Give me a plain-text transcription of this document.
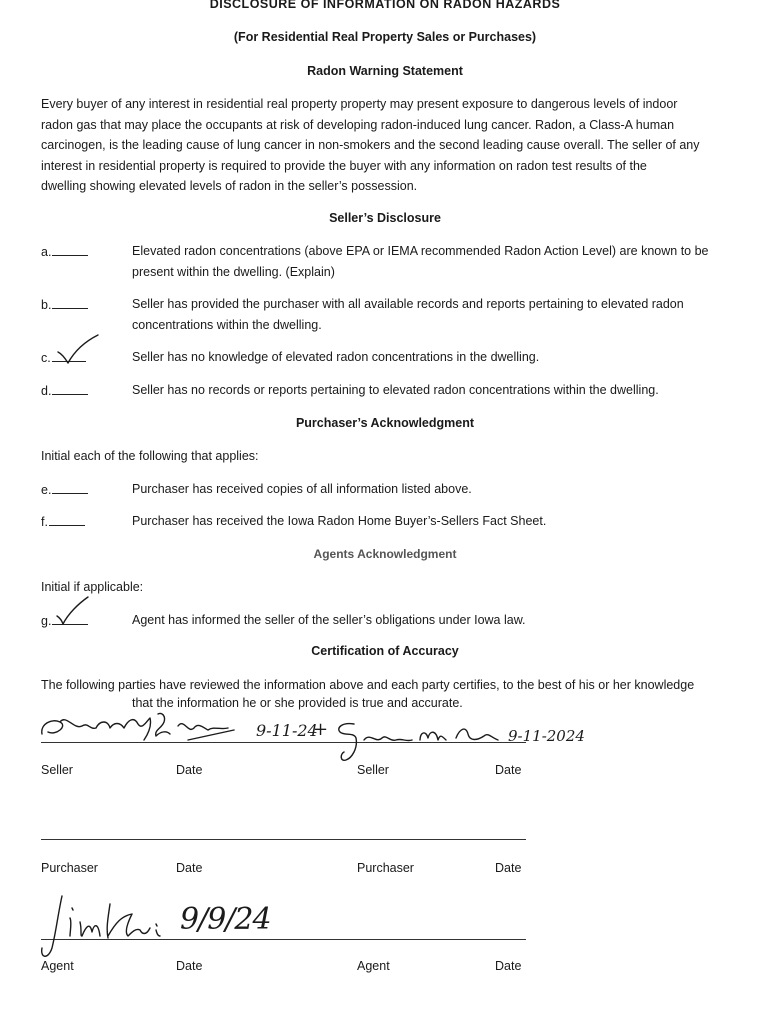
DISCLOSURE OF INFORMATION ON RADON HAZARDS
(For Residential Real Property Sales or Purchases)
Radon Warning Statement
Every buyer of any interest in residential real property property may present exposure to dangerous levels of indoor
radon gas that may place the occupants at risk of developing radon-induced lung cancer. Radon, a Class-A human
carcinogen, is the leading cause of lung cancer in non-smokers and the second leading cause overall. The seller of any
interest in residential property is required to provide the buyer with any information on radon test results of the
dwelling showing elevated levels of radon in the seller’s possession.
Seller’s Disclosure
a.	Elevated radon concentrations (above EPA or IEMA recommended Radon Action Level) are known to be
present within the dwelling. (Explain)
b.	Seller has provided the purchaser with all available records and reports pertaining to elevated radon
concentrations within the dwelling.
c.	Seller has no knowledge of elevated radon concentrations in the dwelling.
d.	Seller has no records or reports pertaining to elevated radon concentrations within the dwelling.
Purchaser’s Acknowledgment
Initial each of the following that applies:
e.	Purchaser has received copies of all information listed above.
f.	Purchaser has received the Iowa Radon Home Buyer’s-Sellers Fact Sheet.
Agents Acknowledgment
Initial if applicable:
g.	Agent has informed the seller of the seller’s obligations under Iowa law.
Certification of Accuracy
The following parties have reviewed the information above and each party certifies, to the best of his or her knowledge
that the information he or she provided is true and accurate.
9-11-24
+	9-11-2024
Seller	Date	Seller	Date
Purchaser	Date	Purchaser	Date
9/9/24
Agent	Date	Agent	Date
